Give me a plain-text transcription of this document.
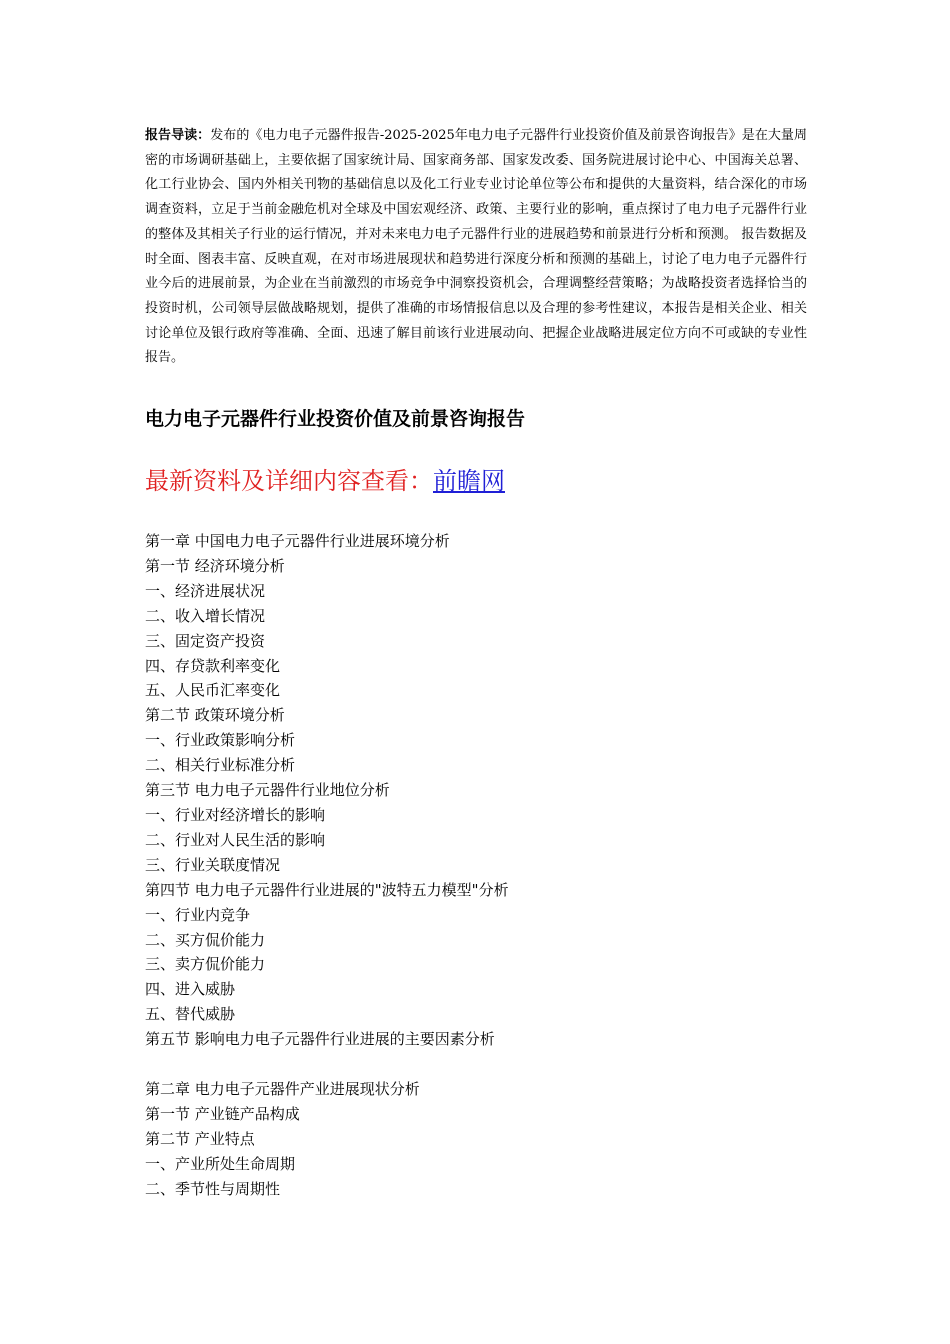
报告导读：发布的《电力电子元器件报告-2025-2025年电力电子元器件行业投资价值及前景咨询报告》是在大量周密的市场调研基础上，主要依据了国家统计局、国家商务部、国家发改委、国务院进展讨论中心、中国海关总署、化工行业协会、国内外相关刊物的基础信息以及化工行业专业讨论单位等公布和提供的大量资料，结合深化的市场调查资料，立足于当前金融危机对全球及中国宏观经济、政策、主要行业的影响，重点探讨了电力电子元器件行业的整体及其相关子行业的运行情况，并对未来电力电子元器件行业的进展趋势和前景进行分析和预测。 报告数据及时全面、图表丰富、反映直观，在对市场进展现状和趋势进行深度分析和预测的基础上，讨论了电力电子元器件行业今后的进展前景，为企业在当前激烈的市场竞争中洞察投资机会，合理调整经营策略；为战略投资者选择恰当的投资时机，公司领导层做战略规划，提供了准确的市场情报信息以及合理的参考性建议，本报告是相关企业、相关讨论单位及银行政府等准确、全面、迅速了解目前该行业进展动向、把握企业战略进展定位方向不可或缺的专业性报告。

电力电子元器件行业投资价值及前景咨询报告
最新资料及详细内容查看：前瞻网
第一章 中国电力电子元器件行业进展环境分析
第一节 经济环境分析
一、经济进展状况
二、收入增长情况
三、固定资产投资
四、存贷款利率变化
五、人民币汇率变化
第二节 政策环境分析
一、行业政策影响分析
二、相关行业标准分析
第三节 电力电子元器件行业地位分析
一、行业对经济增长的影响
二、行业对人民生活的影响
三、行业关联度情况
第四节 电力电子元器件行业进展的"波特五力模型"分析
一、行业内竞争
二、买方侃价能力
三、卖方侃价能力
四、进入威胁
五、替代威胁
第五节 影响电力电子元器件行业进展的主要因素分析
第二章 电力电子元器件产业进展现状分析
第一节 产业链产品构成
第二节 产业特点
一、产业所处生命周期
二、季节性与周期性
